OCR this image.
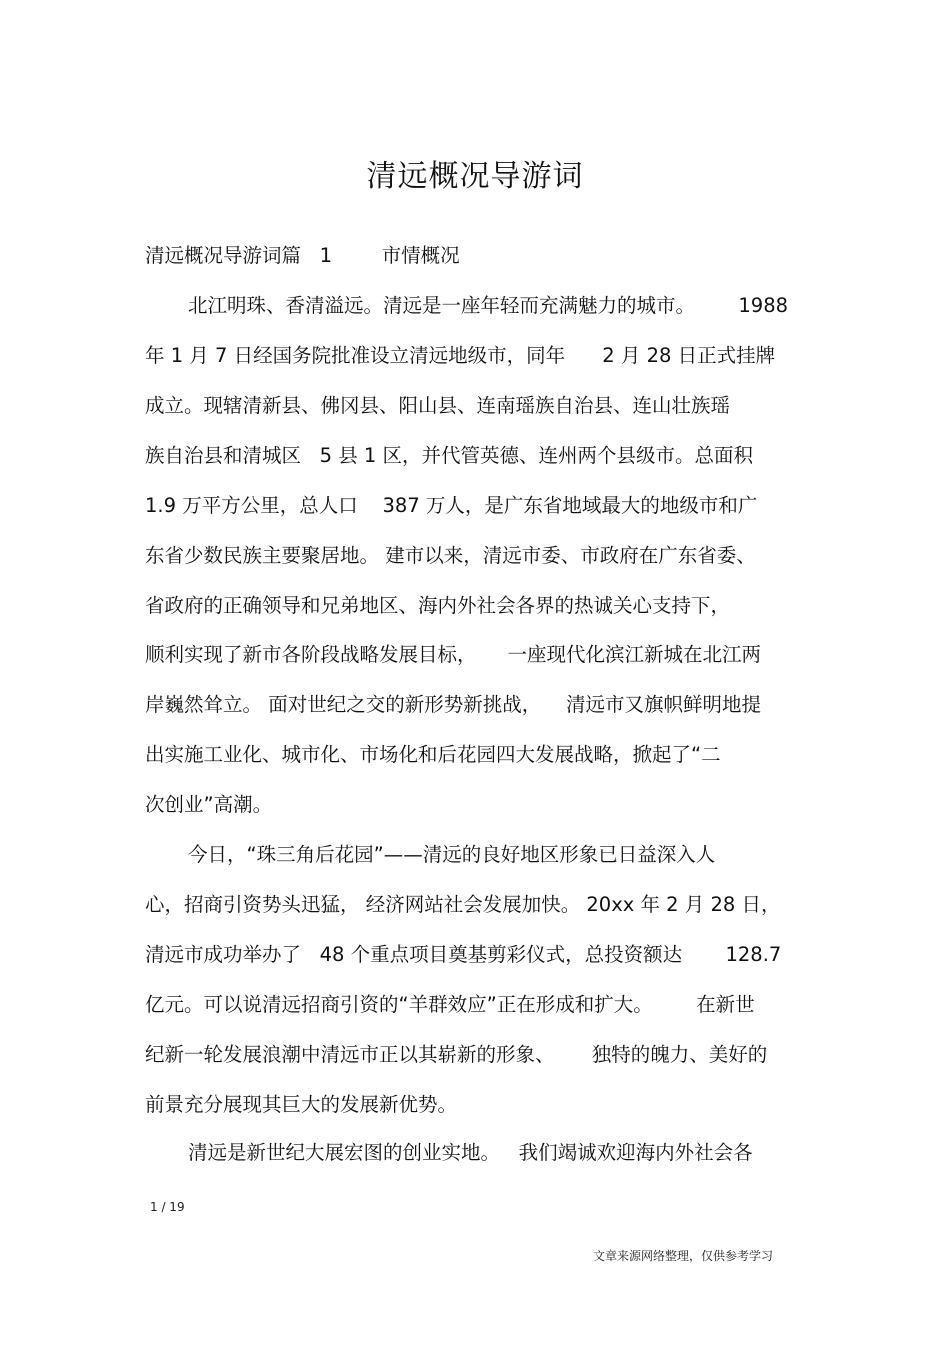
清远概况导游词
清远概况导游词篇   1        市情概况
北江明珠、香清溢远。清远是一座年轻而充满魅力的城市。       1988
年 1 月 7 日经国务院批准设立清远地级市，同年      2 月 28 日正式挂牌
成立。现辖清新县、佛冈县、阳山县、连南瑶族自治县、连山壮族瑶
族自治县和清城区   5 县 1 区，并代管英德、连州两个县级市。总面积
1.9 万平方公里，总人口    387 万人，是广东省地域最大的地级市和广
东省少数民族主要聚居地。 建市以来，清远市委、市政府在广东省委、
省政府的正确领导和兄弟地区、海内外社会各界的热诚关心支持下，
顺利实现了新市各阶段战略发展目标，     一座现代化滨江新城在北江两
岸巍然耸立。 面对世纪之交的新形势新挑战，    清远市又旗帜鲜明地提
出实施工业化、城市化、市场化和后花园四大发展战略，掀起了“二
次创业”高潮。
今日，“珠三角后花园”——清远的良好地区形象已日益深入人
心，招商引资势头迅猛， 经济网站社会发展加快。 20xx 年 2 月 28 日，
清远市成功举办了   48 个重点项目奠基剪彩仪式，总投资额达       128.7
亿元。可以说清远招商引资的“羊群效应”正在形成和扩大。       在新世
纪新一轮发展浪潮中清远市正以其崭新的形象、      独特的魄力、美好的
前景充分展现其巨大的发展新优势。
清远是新世纪大展宏图的创业实地。   我们竭诚欢迎海内外社会各
1 / 19
文章来源网络整理，仅供参考学习
